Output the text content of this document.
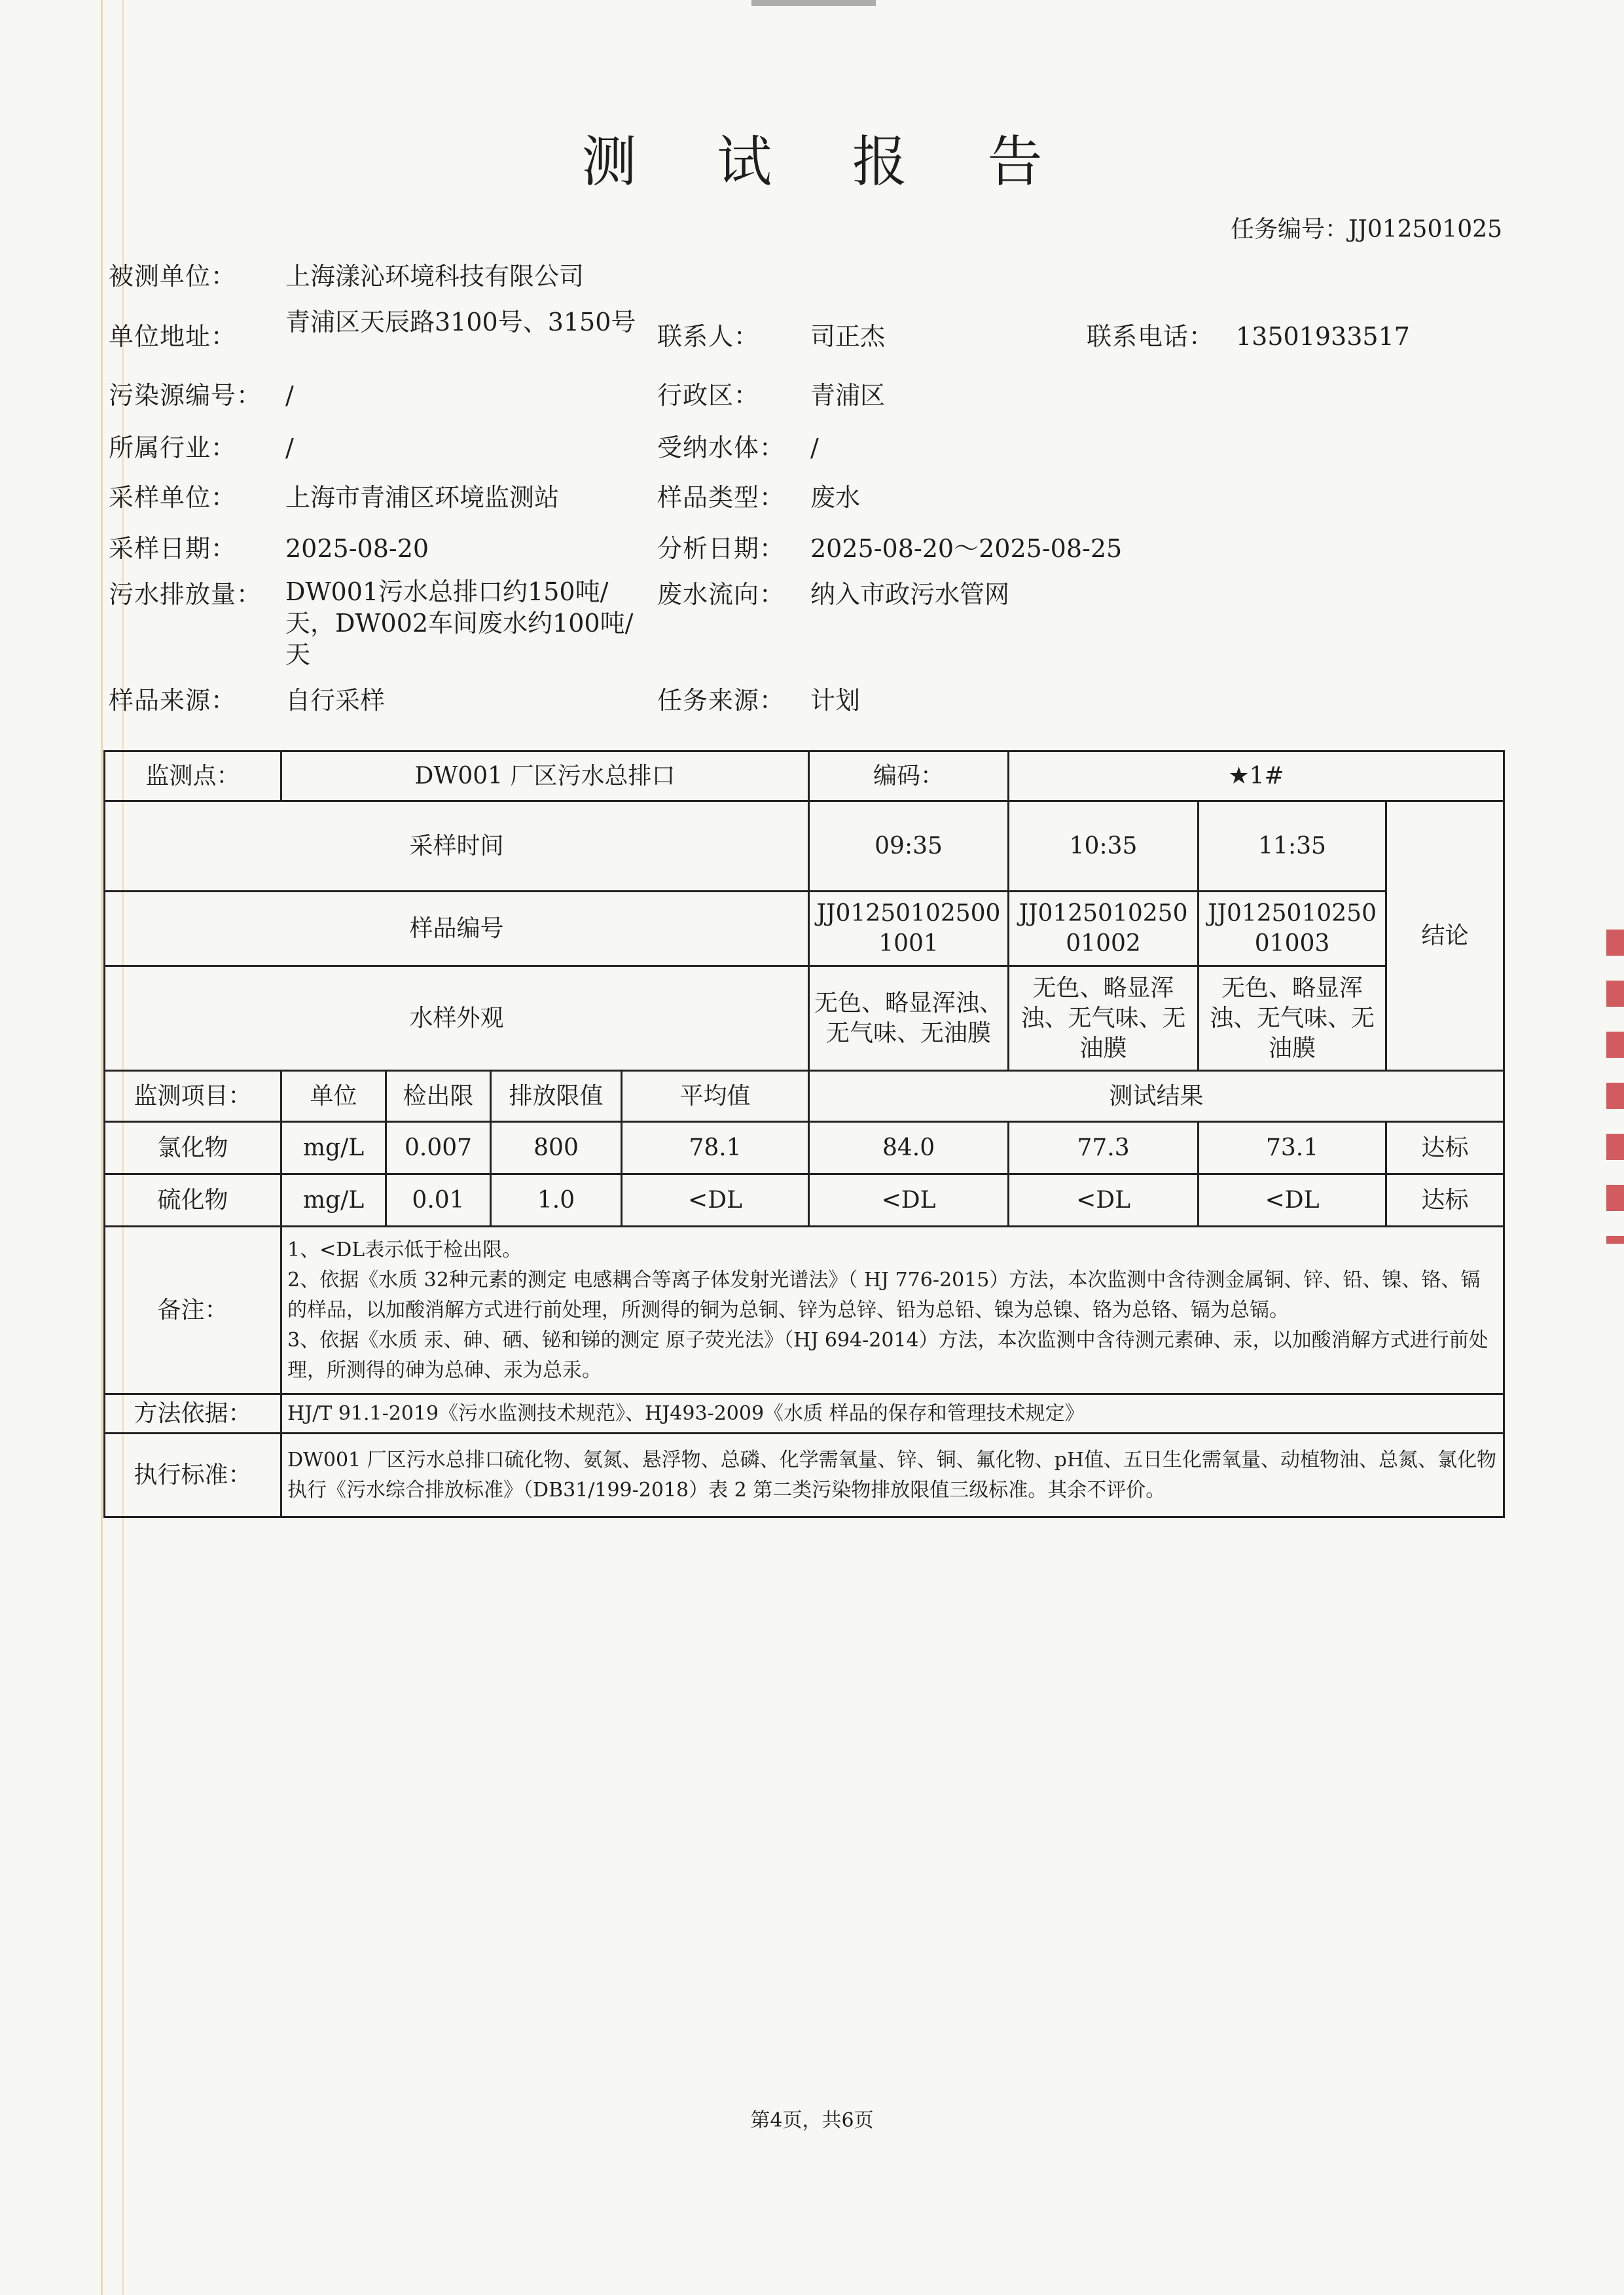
测 试 报 告
任务编号：JJ012501025
被测单位： 上海漾沁环境科技有限公司
单位地址： 青浦区天辰路3100号、3150号 联系人： 司正杰	联系电话： 13501933517
污染源编号： /	行政区： 青浦区
所属行业： /	受纳水体： /
采样单位： 上海市青浦区环境监测站	样品类型： 废水
采样日期： 2025-08-20	分析日期： 2025-08-20～2025-08-25
污水排放量： DW001污水总排口约150吨/天，DW002车间废水约100吨/天
废水流向： 纳入市政污水管网
样品来源： 自行采样	任务来源： 计划
监测点：	DW001 厂区污水总排口				编码：	★1#		
采样时间					09:35	10:35	11:35	结论
样品编号					JJ012501025001001	JJ012501025001002	JJ012501025001003	
水样外观					无色、略显浑浊、无气味、无油膜	无色、略显浑浊、无气味、无油膜	无色、略显浑浊、无气味、无油膜	
监测项目：	单位	检出限	排放限值	平均值	测试结果			
氯化物	mg/L	0.007	800	78.1	84.0	77.3	73.1	达标
硫化物	mg/L	0.01	1.0	<DL	<DL	<DL	<DL	达标
备注：	1、<DL表示低于检出限。
2、依据《水质 32种元素的测定 电感耦合等离子体发射光谱法》（ HJ 776-2015）方法，本次监测中含待测金属铜、锌、铅、镍、铬、镉的样品，以加酸消解方式进行前处理，所测得的铜为总铜、锌为总锌、铅为总铅、镍为总镍、铬为总铬、镉为总镉。
3、依据《水质 汞、砷、硒、铋和锑的测定 原子荧光法》（HJ 694-2014）方法，本次监测中含待测元素砷、汞，以加酸消解方式进行前处理，所测得的砷为总砷、汞为总汞。							

方法依据：	HJ/T 91.1-2019《污水监测技术规范》、HJ493-2009《水质 样品的保存和管理技术规定》							
执行标准：	DW001 厂区污水总排口硫化物、氨氮、悬浮物、总磷、化学需氧量、锌、铜、氟化物、pH值、五日生化需氧量、动植物油、总氮、氯化物执行《污水综合排放标准》（DB31/199-2018）表 2 第二类污染物排放限值三级标准。其余不评价。							
第4页，共6页
